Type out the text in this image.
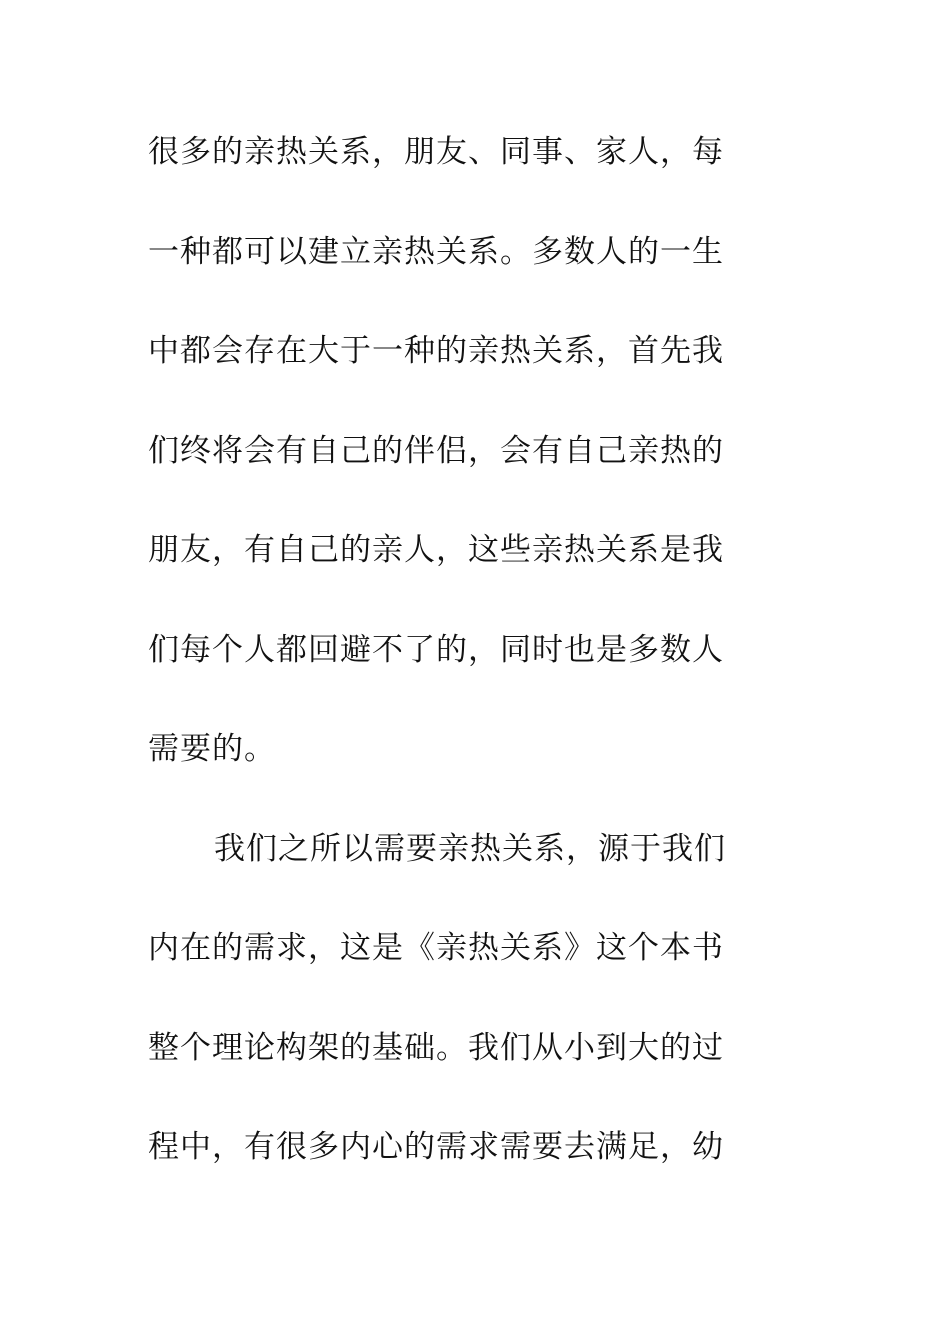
很多的亲热关系，朋友、同事、家人，每
一种都可以建立亲热关系。多数人的一生
中都会存在大于一种的亲热关系，首先我
们终将会有自己的伴侣，会有自己亲热的
朋友，有自己的亲人，这些亲热关系是我
们每个人都回避不了的，同时也是多数人
需要的。
我们之所以需要亲热关系，源于我们
内在的需求，这是《亲热关系》这个本书
整个理论构架的基础。我们从小到大的过
程中，有很多内心的需求需要去满足，幼
